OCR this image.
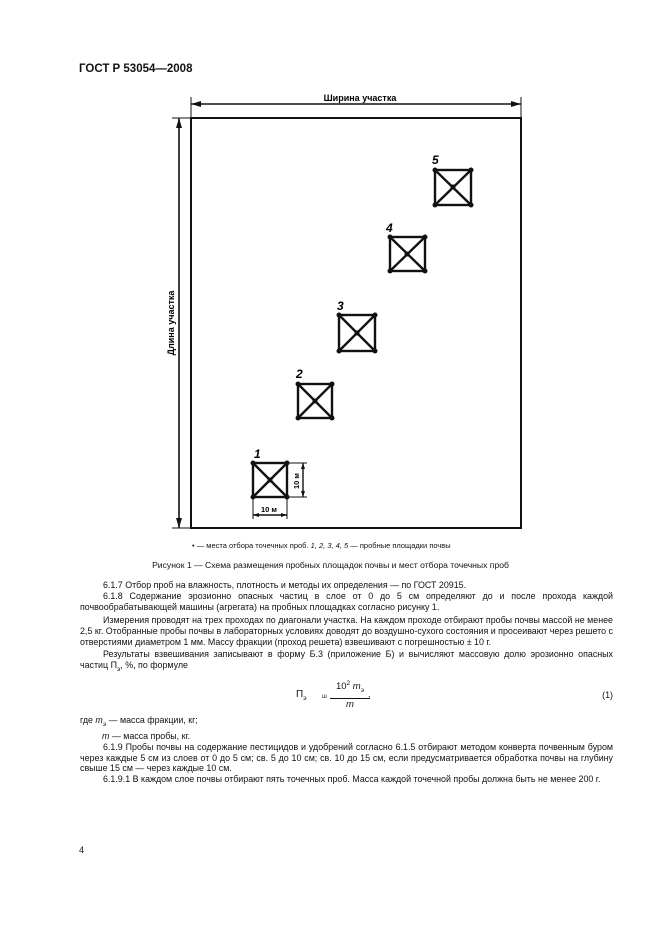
ГОСТ Р 53054—2008
Ширина участка
Длина участка
1
10 м
10 м
2
3
4
5
• — места отбора точечных проб. 1, 2, 3, 4, 5 — пробные площадки почвы
Рисунок 1 — Схема размещения пробных площадок почвы и мест отбора точечных проб

6.1.7 Отбор проб на влажность, плотность и методы их определения — по ГОСТ 20915.

6.1.8 Содержание эрозионно опасных частиц в слое от 0 до 5 см определяют до и после прохода каждой почвообрабатывающей машины (агрегата) на пробных площадках согласно рисунку 1.

Измерения проводят на трех проходах по диагонали участка. На каждом проходе отбирают пробы почвы массой не менее 2,5 кг. Отобранные пробы почвы в лабораторных условиях доводят до воздушно-сухого состояния и просеивают через решето с отверстиями диаметром 1 мм. Массу фракции (проход решета) взвешивают с погрешностью ± 10 г.

Результаты взвешивания записывают в форму Б.3 (приложение Б) и вычисляют массовую долю эрозионно опасных частиц $П_э$, %, по формуле

$П_э$	ш
$10^2$ $m_э$
m
,	(1)

где $m_э$ — масса фракции, кг;

m — масса пробы, кг.

6.1.9 Пробы почвы на содержание пестицидов и удобрений согласно 6.1.5 отбирают методом конверта почвенным буром через каждые 5 см из слоев от 0 до 5 см; св. 5 до 10 см; св. 10 до 15 см, если предусматривается обработка почвы на глубину свыше 15 см — через каждые 10 см.

6.1.9.1 В каждом слое почвы отбирают пять точечных проб. Масса каждой точечной пробы должна быть не менее 200 г.

4
